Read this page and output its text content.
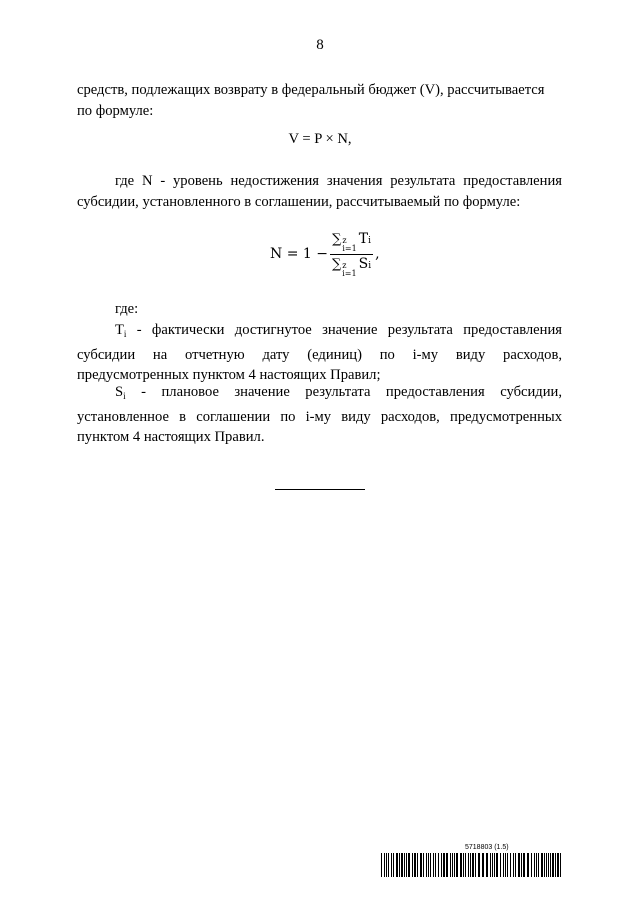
8
средств, подлежащих возврату в федеральный бюджет (V), рассчитывается
по формуле:
V = P × N,
где N - уровень недостижения значения результата предоставления субсидии, установленного в соглашении, рассчитываемый по формуле:
N = 1 − ∑ z
i=1
T i
∑ z
i=1
S i ,
где:
$T_i$ - фактически достигнутое значение результата предоставления субсидии на отчетную дату (единиц) по i-му виду расходов, предусмотренных пунктом 4 настоящих Правил;
$S_i$ - плановое значение результата предоставления субсидии, установленное в соглашении по i-му виду расходов, предусмотренных пунктом 4 настоящих Правил.
5718803 (1.5)
